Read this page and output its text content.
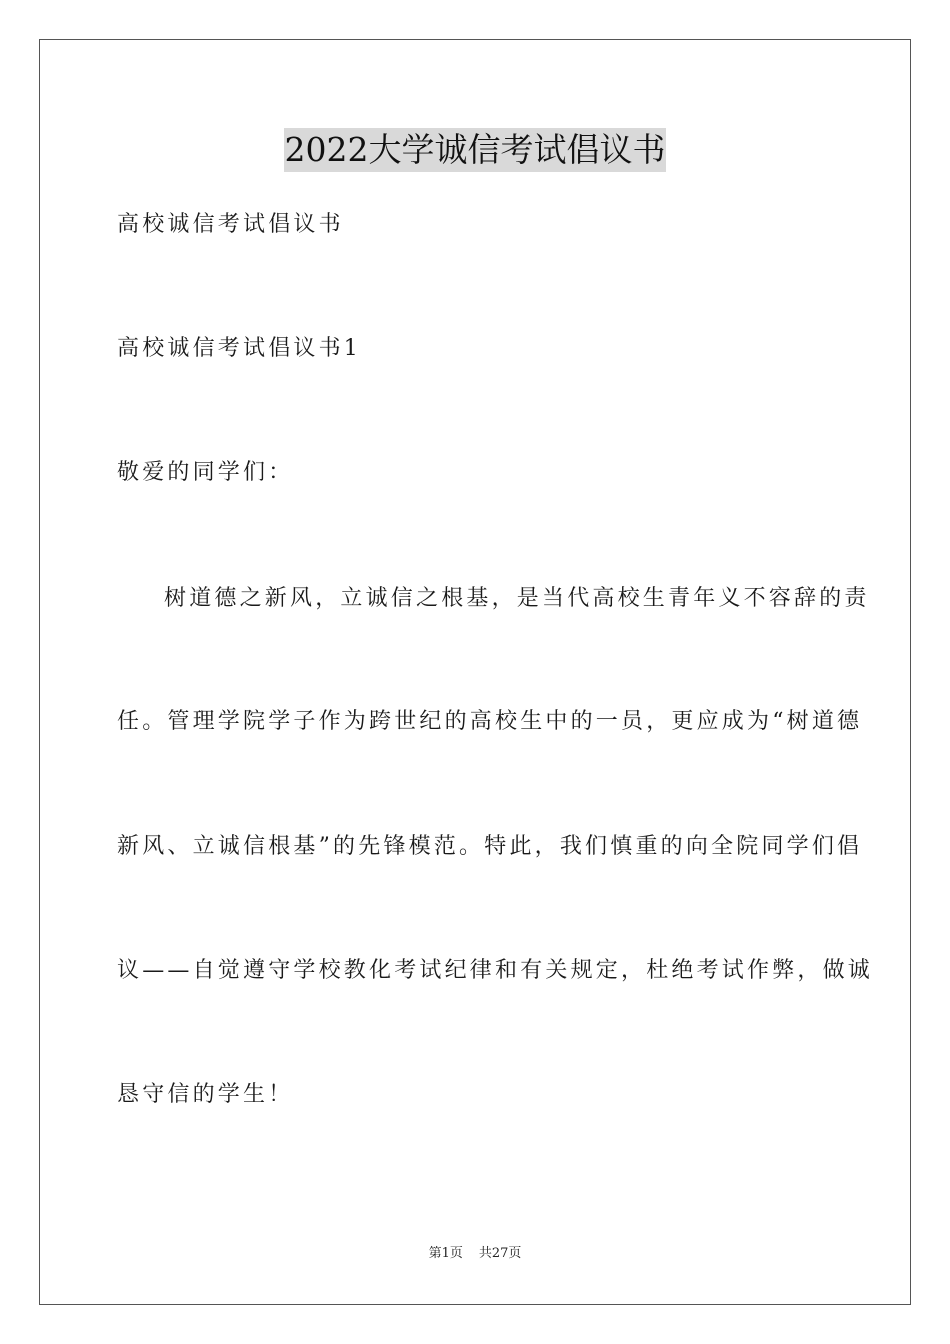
2022大学诚信考试倡议书

高校诚信考试倡议书

高校诚信考试倡议书1

敬爱的同学们：

树道德之新风，立诚信之根基，是当代高校生青年义不容辞的责

任。管理学院学子作为跨世纪的高校生中的一员，更应成为“树道德

新风、立诚信根基”的先锋模范。特此，我们慎重的向全院同学们倡

议——自觉遵守学校教化考试纪律和有关规定，杜绝考试作弊，做诚

恳守信的学生！

第1页 共27页
